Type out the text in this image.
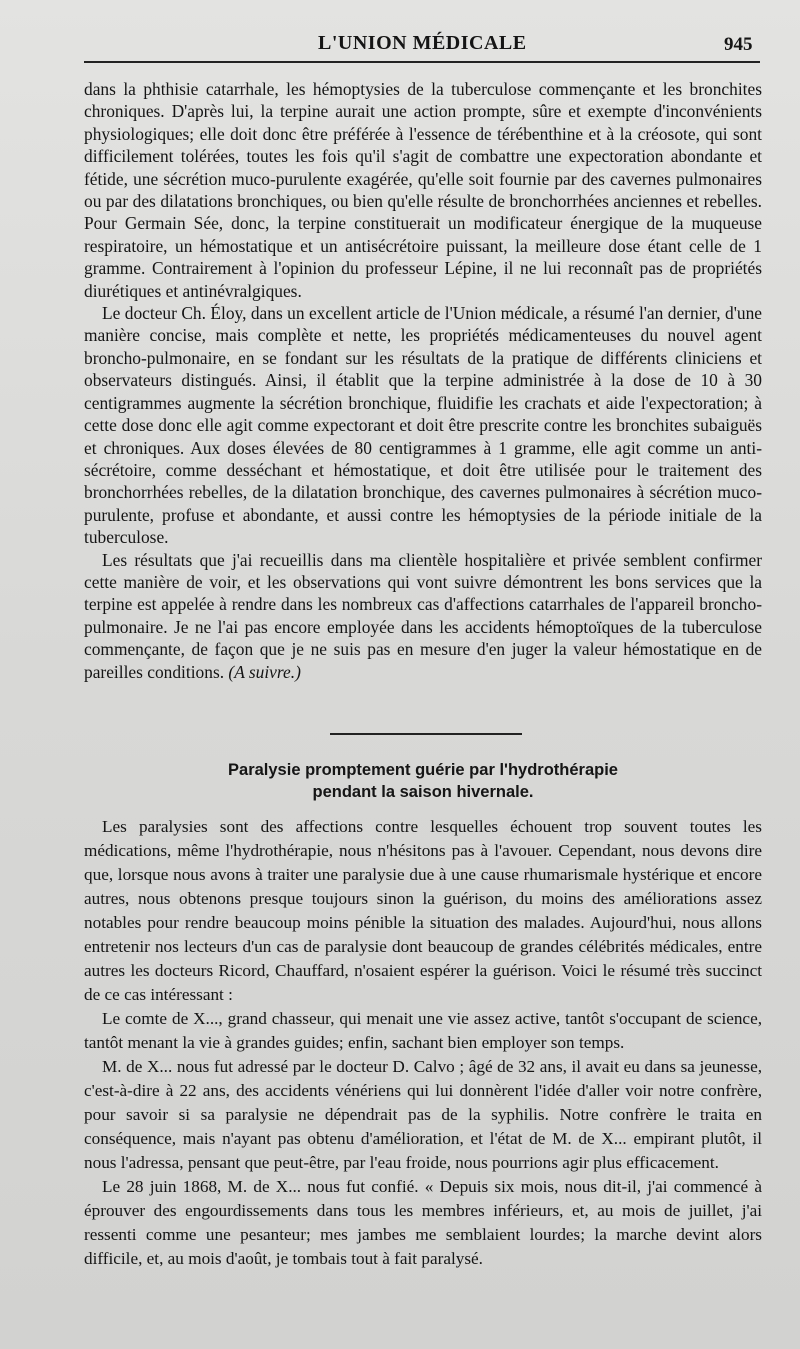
L'UNION MÉDICALE	945

dans la phthisie catarrhale, les hémoptysies de la tuberculose commençante et les bronchites chroniques. D'après lui, la terpine aurait une action prompte, sûre et exempte d'inconvénients physiologiques; elle doit donc être préférée à l'essence de térébenthine et à la créosote, qui sont difficilement tolérées, toutes les fois qu'il s'agit de combattre une expectoration abondante et fétide, une sécrétion muco-purulente exagérée, qu'elle soit fournie par des cavernes pulmonaires ou par des dilatations bronchiques, ou bien qu'elle résulte de bronchorrhées anciennes et rebelles. Pour Germain Sée, donc, la terpine constituerait un modificateur énergique de la muqueuse respiratoire, un hémostatique et un antisécrétoire puissant, la meilleure dose étant celle de 1 gramme. Contrairement à l'opinion du professeur Lépine, il ne lui reconnaît pas de propriétés diurétiques et antinévralgiques.

Le docteur Ch. Éloy, dans un excellent article de l'Union médicale, a résumé l'an dernier, d'une manière concise, mais complète et nette, les propriétés médicamenteuses du nouvel agent broncho-pulmonaire, en se fondant sur les résultats de la pratique de différents cliniciens et observateurs distingués. Ainsi, il établit que la terpine administrée à la dose de 10 à 30 centigrammes augmente la sécrétion bronchique, fluidifie les crachats et aide l'expectoration; à cette dose donc elle agit comme expectorant et doit être prescrite contre les bronchites subaiguës et chroniques. Aux doses élevées de 80 centigrammes à 1 gramme, elle agit comme un anti-sécrétoire, comme desséchant et hémostatique, et doit être utilisée pour le traitement des bronchorrhées rebelles, de la dilatation bronchique, des cavernes pulmonaires à sécrétion muco-purulente, profuse et abondante, et aussi contre les hémoptysies de la période initiale de la tuberculose.

Les résultats que j'ai recueillis dans ma clientèle hospitalière et privée semblent confirmer cette manière de voir, et les observations qui vont suivre démontrent les bons services que la terpine est appelée à rendre dans les nombreux cas d'affections catarrhales de l'appareil broncho-pulmonaire. Je ne l'ai pas encore employée dans les accidents hémoptoïques de la tuberculose commençante, de façon que je ne suis pas en mesure d'en juger la valeur hémostatique en de pareilles conditions. (A suivre.)

Paralysie promptement guérie par l'hydrothérapie
pendant la saison hivernale.

Les paralysies sont des affections contre lesquelles échouent trop souvent toutes les médications, même l'hydrothérapie, nous n'hésitons pas à l'avouer. Cependant, nous devons dire que, lorsque nous avons à traiter une paralysie due à une cause rhumarismale hystérique et encore autres, nous obtenons presque toujours sinon la guérison, du moins des améliorations assez notables pour rendre beaucoup moins pénible la situation des malades. Aujourd'hui, nous allons entretenir nos lecteurs d'un cas de paralysie dont beaucoup de grandes célébrités médicales, entre autres les docteurs Ricord, Chauffard, n'osaient espérer la guérison. Voici le résumé très succinct de ce cas intéressant :

Le comte de X..., grand chasseur, qui menait une vie assez active, tantôt s'occupant de science, tantôt menant la vie à grandes guides; enfin, sachant bien employer son temps.

M. de X... nous fut adressé par le docteur D. Calvo ; âgé de 32 ans, il avait eu dans sa jeunesse, c'est-à-dire à 22 ans, des accidents vénériens qui lui donnèrent l'idée d'aller voir notre confrère, pour savoir si sa paralysie ne dépendrait pas de la syphilis. Notre confrère le traita en conséquence, mais n'ayant pas obtenu d'amélioration, et l'état de M. de X... empirant plutôt, il nous l'adressa, pensant que peut-être, par l'eau froide, nous pourrions agir plus efficacement.

Le 28 juin 1868, M. de X... nous fut confié. « Depuis six mois, nous dit-il, j'ai commencé à éprouver des engourdissements dans tous les membres inférieurs, et, au mois de juillet, j'ai ressenti comme une pesanteur; mes jambes me semblaient lourdes; la marche devint alors difficile, et, au mois d'août, je tombais tout à fait paralysé.
